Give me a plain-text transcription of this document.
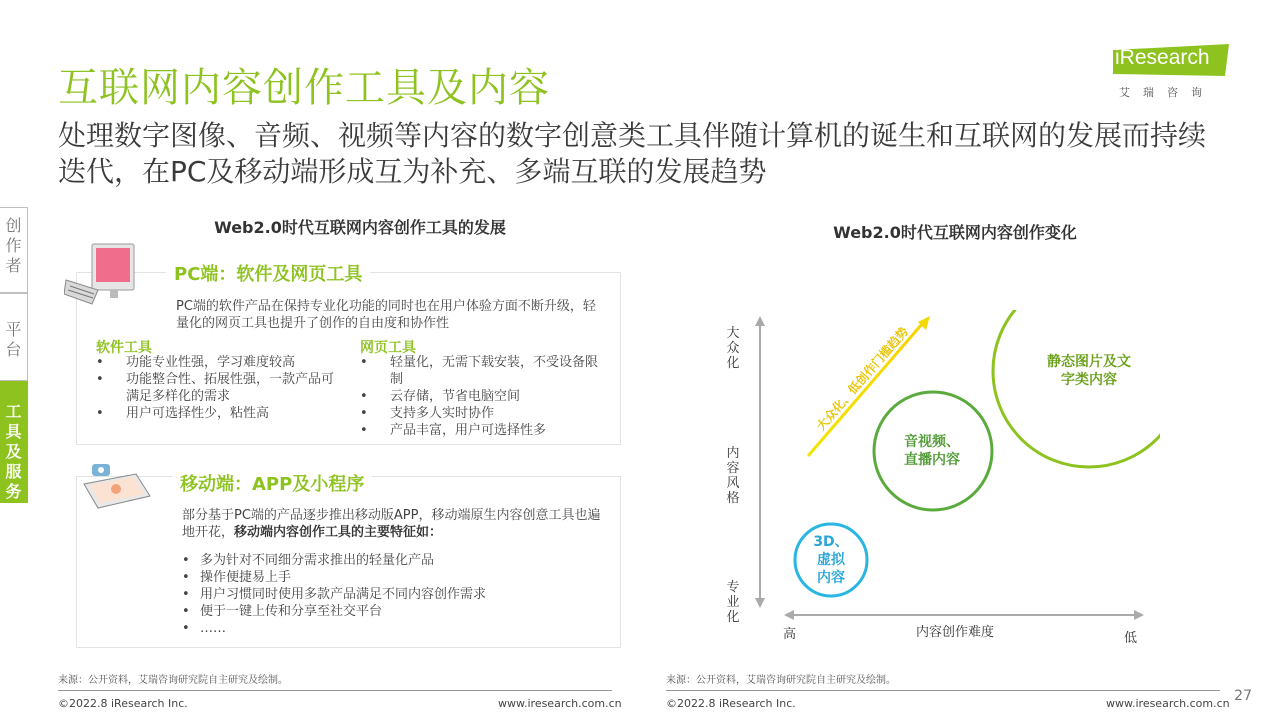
互联网内容创作工具及内容
处理数字图像、音频、视频等内容的数字创意类工具伴随计算机的诞生和互联网的发展而持续迭代，在PC及移动端形成互为补充、多端互联的发展趋势
iResearch
艾瑞咨询
创作者
平台
工具及服务
Web2.0时代互联网内容创作工具的发展
PC端：软件及网页工具
PC端的软件产品在保持专业化功能的同时也在用户体验方面不断升级，轻量化的网页工具也提升了创作的自由度和协作性
软件工具
• 功能专业性强，学习难度较高
• 功能整合性、拓展性强，一款产品可满足多样化的需求
• 用户可选择性少，粘性高
网页工具
• 轻量化，无需下载安装，不受设备限制
• 云存储，节省电脑空间
• 支持多人实时协作
• 产品丰富，用户可选择性多
移动端：APP及小程序
部分基于PC端的产品逐步推出移动版APP，移动端原生内容创意工具也遍地开花，移动端内容创作工具的主要特征如：
• 多为针对不同细分需求推出的轻量化产品
• 操作便捷易上手
• 用户习惯同时使用多款产品满足不同内容创作需求
• 便于一键上传和分享至社交平台
• ……
来源：公开资料，艾瑞咨询研究院自主研究及绘制。
©2022.8 iResearch Inc.	www.iresearch.com.cn
Web2.0时代互联网内容创作变化
大众化、低创作门槛趋势
大众化
内容风格
专业化
高	内容创作难度	低
3D、虚拟内容
音视频、直播内容
静态图片及文字类内容
来源：公开资料，艾瑞咨询研究院自主研究及绘制。
©2022.8 iResearch Inc.	www.iresearch.com.cn 27
